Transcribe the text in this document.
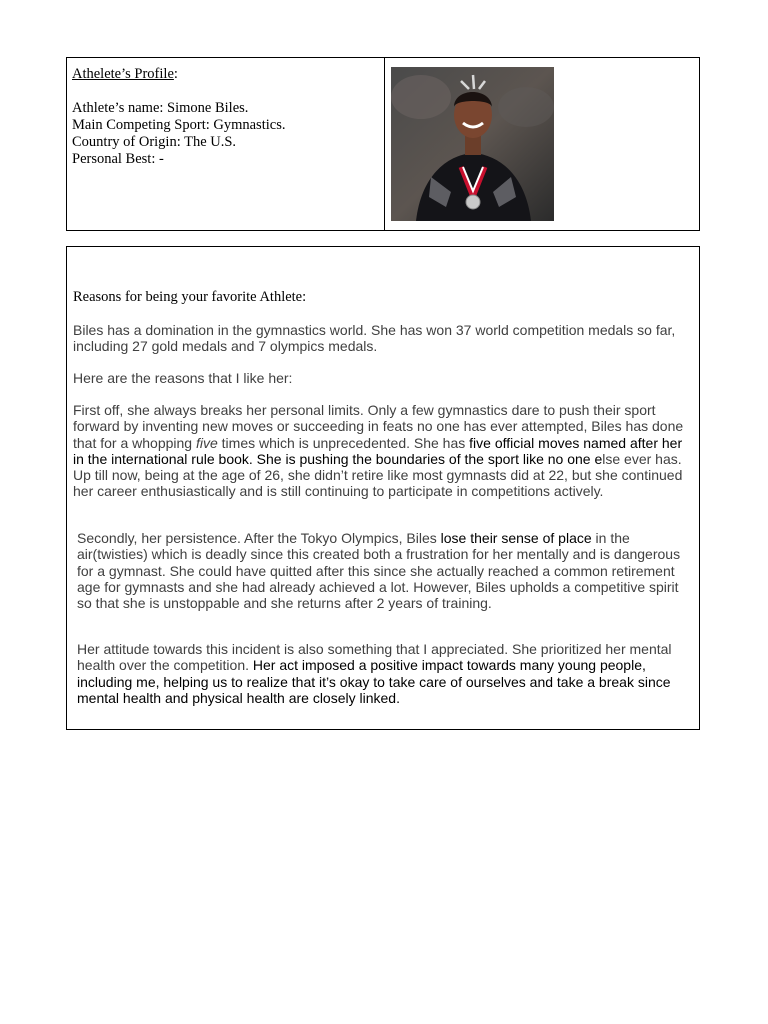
Athelete’s Profile:
Athlete’s name: Simone Biles.
Main Competing Sport: Gymnastics.
Country of Origin: The U.S.
Personal Best: -
Reasons for being your favorite Athlete:
Biles has a domination in the gymnastics world. She has won 37 world competition medals so far, including 27 gold medals and 7 olympics medals.
Here are the reasons that I like her:
First off, she always breaks her personal limits. Only a few gymnastics dare to push their sport forward by inventing new moves or succeeding in feats no one has ever attempted, Biles has done that for a whopping five times which is unprecedented. She has five official moves named after her in the international rule book. She is pushing the boundaries of the sport like no one else ever has. Up till now, being at the age of 26, she didn’t retire like most gymnasts did at 22, but she continued her career enthusiastically and is still continuing to participate in competitions actively.
Secondly, her persistence. After the Tokyo Olympics, Biles lose their sense of place in the air(twisties) which is deadly since this created both a frustration for her mentally and is dangerous for a gymnast. She could have quitted after this since she actually reached a common retirement age for gymnasts and she had already achieved a lot. However, Biles upholds a competitive spirit so that she is unstoppable and she returns after 2 years of training.
Her attitude towards this incident is also something that I appreciated. She prioritized her mental health over the competition. Her act imposed a positive impact towards many young people, including me, helping us to realize that it’s okay to take care of ourselves and take a break since mental health and physical health are closely linked.
